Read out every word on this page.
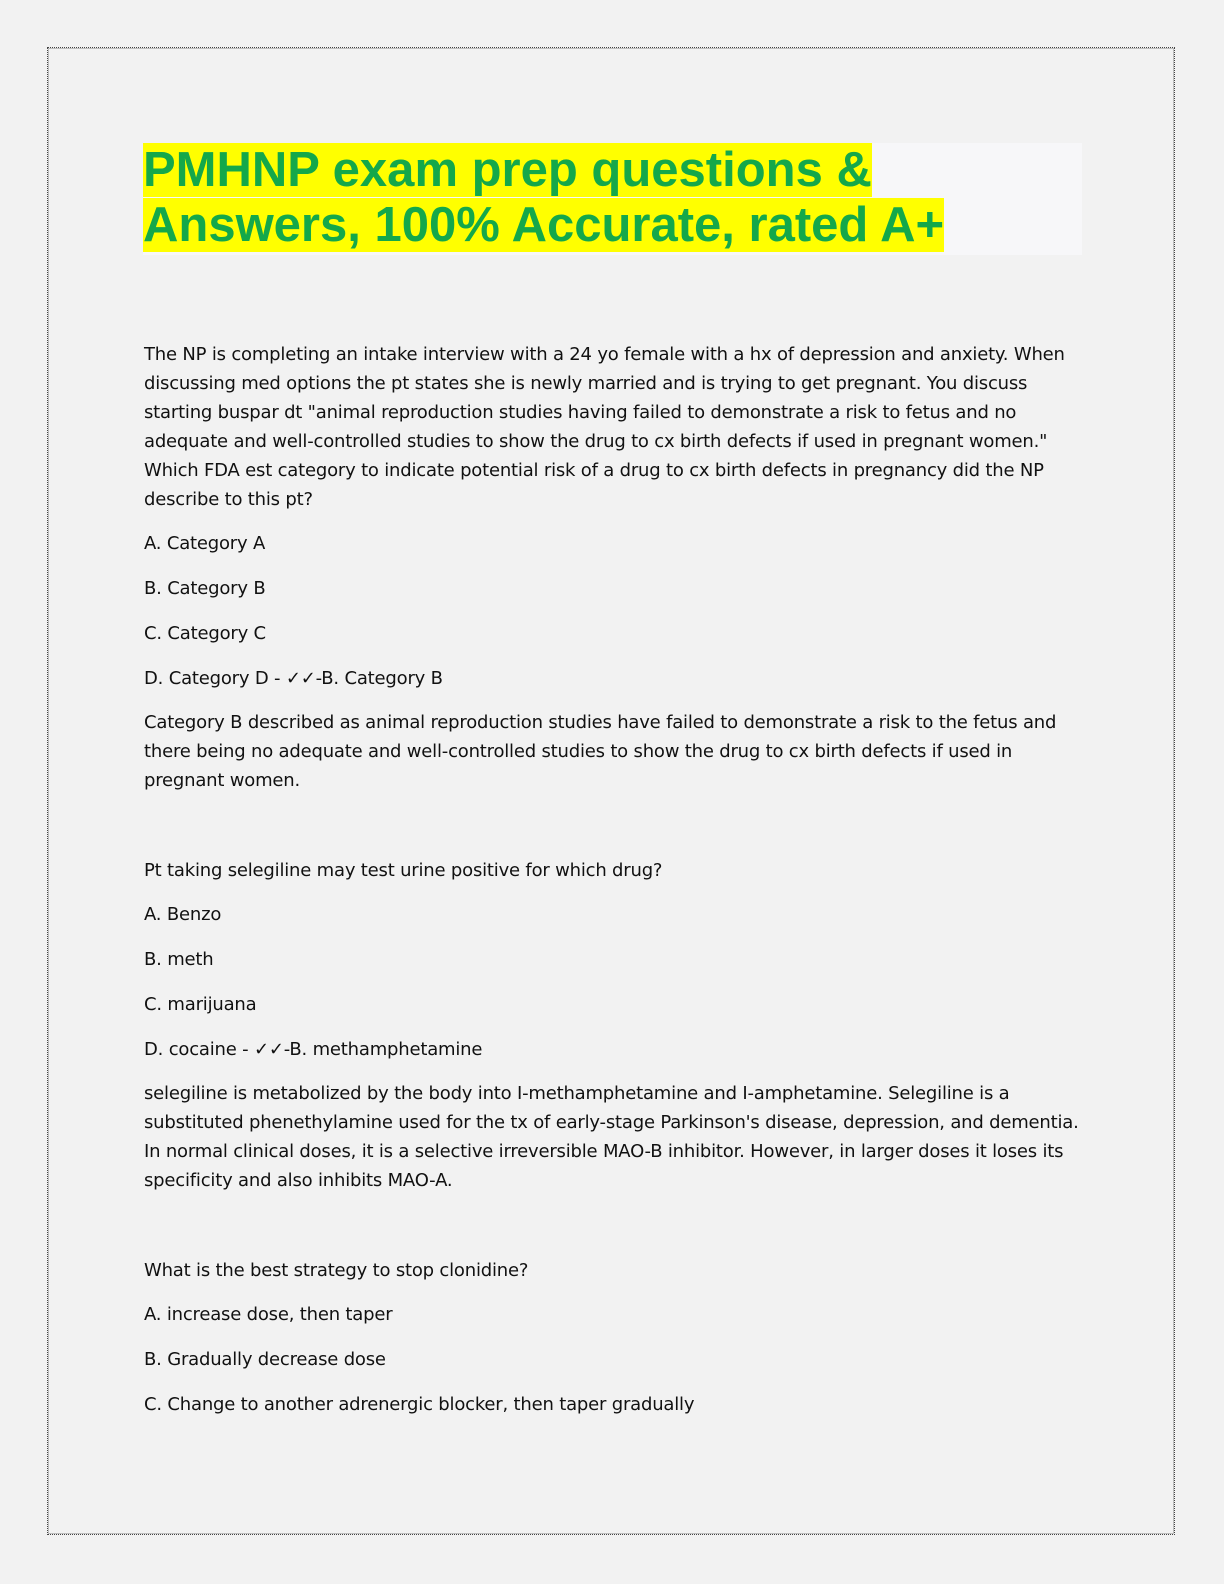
PMHNP exam prep questions &
Answers, 100% Accurate, rated A+

The NP is completing an intake interview with a 24 yo female with a hx of depression and anxiety. When discussing med options the pt states she is newly married and is trying to get pregnant. You discuss starting buspar dt "animal reproduction studies having failed to demonstrate a risk to fetus and no adequate and well-controlled studies to show the drug to cx birth defects if used in pregnant women." Which FDA est category to indicate potential risk of a drug to cx birth defects in pregnancy did the NP describe to this pt?

A. Category A

B. Category B

C. Category C

D. Category D - ✓✓-B. Category B

Category B described as animal reproduction studies have failed to demonstrate a risk to the fetus and there being no adequate and well-controlled studies to show the drug to cx birth defects if used in pregnant women.

Pt taking selegiline may test urine positive for which drug?

A. Benzo

B. meth

C. marijuana

D. cocaine - ✓✓-B. methamphetamine

selegiline is metabolized by the body into I-methamphetamine and I-amphetamine. Selegiline is a substituted phenethylamine used for the tx of early-stage Parkinson's disease, depression, and dementia. In normal clinical doses, it is a selective irreversible MAO-B inhibitor. However, in larger doses it loses its specificity and also inhibits MAO-A.

What is the best strategy to stop clonidine?

A. increase dose, then taper

B. Gradually decrease dose

C. Change to another adrenergic blocker, then taper gradually
